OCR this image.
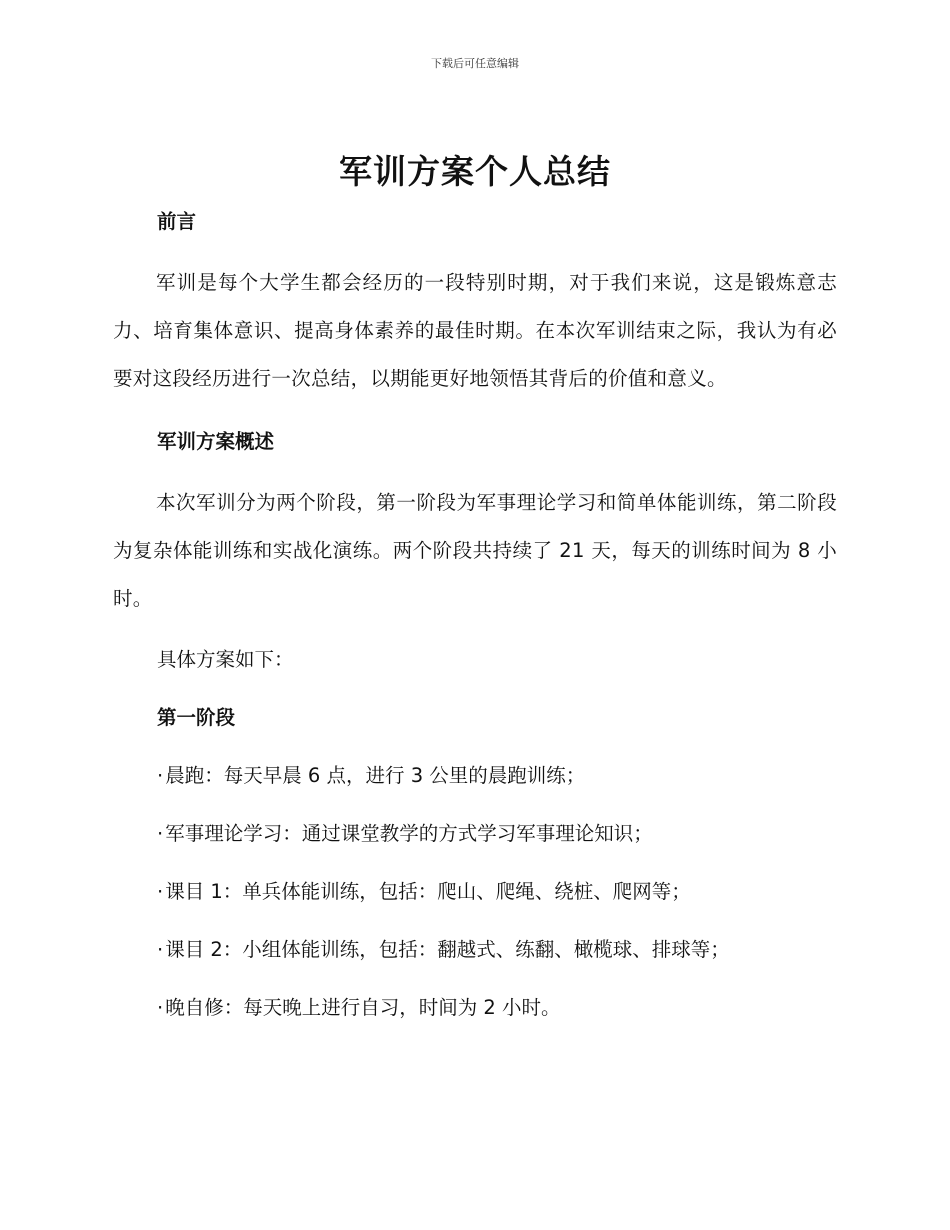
下载后可任意编辑
军训方案个人总结
前言

军训是每个大学生都会经历的一段特别时期，对于我们来说，这是锻炼意志力、培育集体意识、提高身体素养的最佳时期。在本次军训结束之际，我认为有必要对这段经历进行一次总结，以期能更好地领悟其背后的价值和意义。

军训方案概述

本次军训分为两个阶段，第一阶段为军事理论学习和简单体能训练，第二阶段为复杂体能训练和实战化演练。两个阶段共持续了 21 天，每天的训练时间为 8 小时。

具体方案如下：
第一阶段
· 晨跑：每天早晨 6 点，进行 3 公里的晨跑训练；
· 军事理论学习：通过课堂教学的方式学习军事理论知识；
· 课目 1：单兵体能训练，包括：爬山、爬绳、绕桩、爬网等；
· 课目 2：小组体能训练，包括：翻越式、练翻、橄榄球、排球等；
· 晚自修：每天晚上进行自习，时间为 2 小时。
